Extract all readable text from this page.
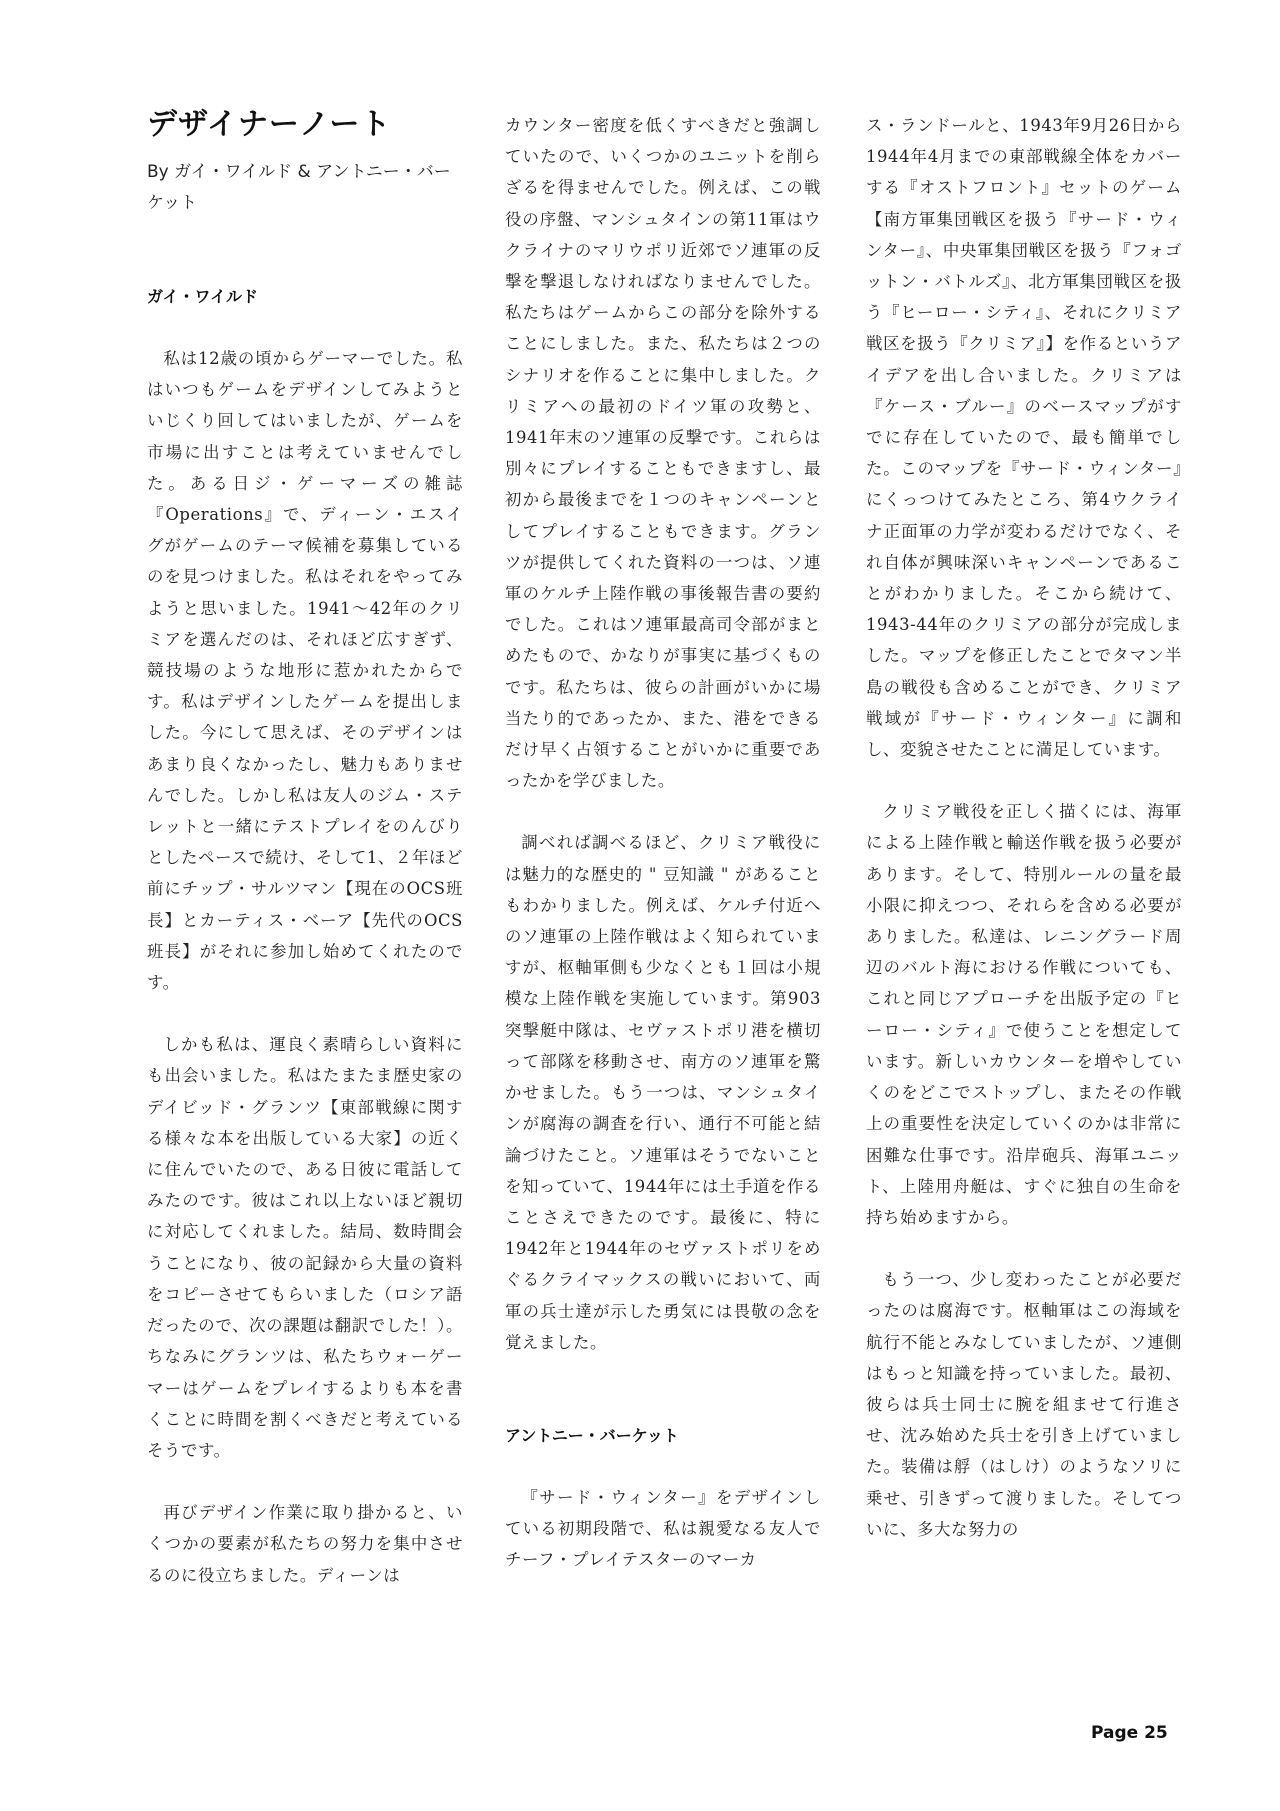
デザイナーノート

By ガイ・ワイルド & アントニー・バーケット

ガイ・ワイルド

私は12歳の頃からゲーマーでした。私はいつもゲームをデザインしてみようといじくり回してはいましたが、ゲームを市場に出すことは考えていませんでした。ある日ジ・ゲーマーズの雑誌『Operations』で、ディーン・エスイグがゲームのテーマ候補を募集しているのを見つけました。私はそれをやってみようと思いました。1941～42年のクリミアを選んだのは、それほど広すぎず、競技場のような地形に惹かれたからです。私はデザインしたゲームを提出しました。今にして思えば、そのデザインはあまり良くなかったし、魅力もありませんでした。しかし私は友人のジム・ステレットと一緒にテストプレイをのんびりとしたペースで続け、そして1、２年ほど前にチップ・サルツマン【現在のOCS班長】とカーティス・ベーア【先代のOCS班長】がそれに参加し始めてくれたのです。

しかも私は、運良く素晴らしい資料にも出会いました。私はたまたま歴史家のデイビッド・グランツ【東部戦線に関する様々な本を出版している大家】の近くに住んでいたので、ある日彼に電話してみたのです。彼はこれ以上ないほど親切に対応してくれました。結局、数時間会うことになり、彼の記録から大量の資料をコピーさせてもらいました（ロシア語だったので、次の課題は翻訳でした！）。ちなみにグランツは、私たちウォーゲーマーはゲームをプレイするよりも本を書くことに時間を割くべきだと考えているそうです。

再びデザイン作業に取り掛かると、いくつかの要素が私たちの努力を集中させるのに役立ちました。ディーンは

カウンター密度を低くすべきだと強調していたので、いくつかのユニットを削らざるを得ませんでした。例えば、この戦役の序盤、マンシュタインの第11軍はウクライナのマリウポリ近郊でソ連軍の反撃を撃退しなければなりませんでした。私たちはゲームからこの部分を除外することにしました。また、私たちは２つのシナリオを作ることに集中しました。クリミアへの最初のドイツ軍の攻勢と、1941年末のソ連軍の反撃です。これらは別々にプレイすることもできますし、最初から最後までを１つのキャンペーンとしてプレイすることもできます。グランツが提供してくれた資料の一つは、ソ連軍のケルチ上陸作戦の事後報告書の要約でした。これはソ連軍最高司令部がまとめたもので、かなりが事実に基づくものです。私たちは、彼らの計画がいかに場当たり的であったか、また、港をできるだけ早く占領することがいかに重要であったかを学びました。

調べれば調べるほど、クリミア戦役には魅力的な歴史的 " 豆知識 " があることもわかりました。例えば、ケルチ付近へのソ連軍の上陸作戦はよく知られていますが、枢軸軍側も少なくとも１回は小規模な上陸作戦を実施しています。第903突撃艇中隊は、セヴァストポリ港を横切って部隊を移動させ、南方のソ連軍を驚かせました。もう一つは、マンシュタインが腐海の調査を行い、通行不可能と結論づけたこと。ソ連軍はそうでないことを知っていて、1944年には土手道を作ることさえできたのです。最後に、特に1942年と1944年のセヴァストポリをめぐるクライマックスの戦いにおいて、両軍の兵士達が示した勇気には畏敬の念を覚えました。

アントニー・バーケット

『サード・ウィンター』をデザインしている初期段階で、私は親愛なる友人でチーフ・プレイテスターのマーカ

ス・ランドールと、1943年9月26日から1944年4月までの東部戦線全体をカバーする『オストフロント』セットのゲーム【南方軍集団戦区を扱う『サード・ウィンター』、中央軍集団戦区を扱う『フォゴットン・バトルズ』、北方軍集団戦区を扱う『ヒーロー・シティ』、それにクリミア戦区を扱う『クリミア』】を作るというアイデアを出し合いました。クリミアは『ケース・ブルー』のベースマップがすでに存在していたので、最も簡単でした。このマップを『サード・ウィンター』にくっつけてみたところ、第4ウクライナ正面軍の力学が変わるだけでなく、それ自体が興味深いキャンペーンであることがわかりました。そこから続けて、1943-44年のクリミアの部分が完成しました。マップを修正したことでタマン半島の戦役も含めることができ、クリミア戦域が『サード・ウィンター』に調和し、変貌させたことに満足しています。

クリミア戦役を正しく描くには、海軍による上陸作戦と輸送作戦を扱う必要があります。そして、特別ルールの量を最小限に抑えつつ、それらを含める必要がありました。私達は、レニングラード周辺のバルト海における作戦についても、これと同じアプローチを出版予定の『ヒーロー・シティ』で使うことを想定しています。新しいカウンターを増やしていくのをどこでストップし、またその作戦上の重要性を決定していくのかは非常に困難な仕事です。沿岸砲兵、海軍ユニット、上陸用舟艇は、すぐに独自の生命を持ち始めますから。

もう一つ、少し変わったことが必要だったのは腐海です。枢軸軍はこの海域を航行不能とみなしていましたが、ソ連側はもっと知識を持っていました。最初、彼らは兵士同士に腕を組ませて行進させ、沈み始めた兵士を引き上げていました。装備は艀（はしけ）のようなソリに乗せ、引きずって渡りました。そしてついに、多大な努力の

Page 25
